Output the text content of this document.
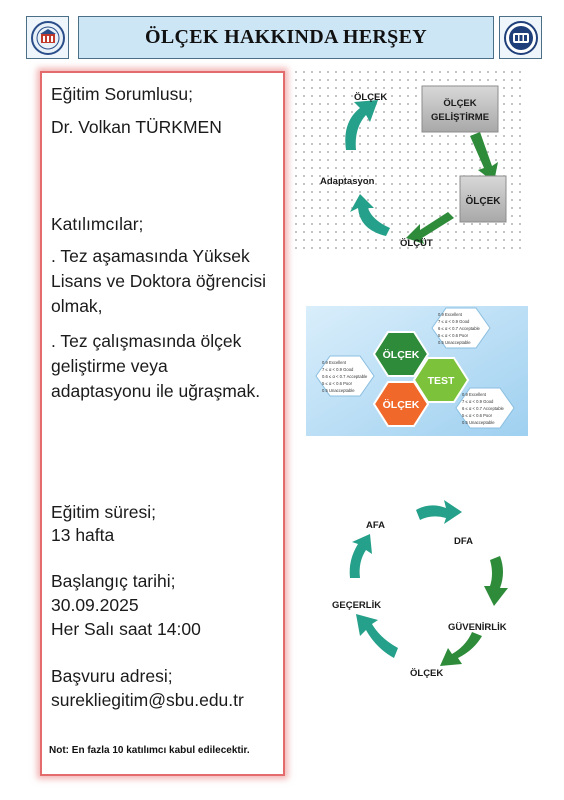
ÖLÇEK HAKKINDA HERŞEY

Eğitim Sorumlusu;

Dr. Volkan TÜRKMEN

Katılımcılar;

. Tez aşamasında Yüksek

Lisans ve Doktora öğrencisi

olmak,

. Tez çalışmasında ölçek

geliştirme veya

adaptasyonu ile uğraşmak.

Eğitim süresi;

13 hafta

Başlangıç tarihi;

30.09.2025

Her Salı saat 14:00

Başvuru adresi;

surekliegitim@sbu.edu.tr

Not: En fazla 10 katılımcı kabul edilecektir.
ÖLÇEK
ÖLÇEK
GELİŞTİRME
ÖLÇEK
ÖLÇÜT
Adaptasyon
ÖLÇEK
TEST
ÖLÇEK
0.9 Excellent
7 ≤ α < 0.9 Good
6 ≤ α < 0.7 Acceptable
5 ≤ α < 0.6 Poor
0.5 Unacceptable
0.9 Excellent
7 ≤ α < 0.9 Good
0.6 ≤ α < 0.7 Acceptable
5 ≤ α < 0.6 Poor
0.5 Unacceptable
0.9 Excellent
7 ≤ α < 0.9 Good
6 ≤ α < 0.7 Acceptable
5 ≤ α < 0.6 Poor
0.5 Unacceptable
AFA
DFA
GÜVENİRLİK
ÖLÇEK
GEÇERLİK
